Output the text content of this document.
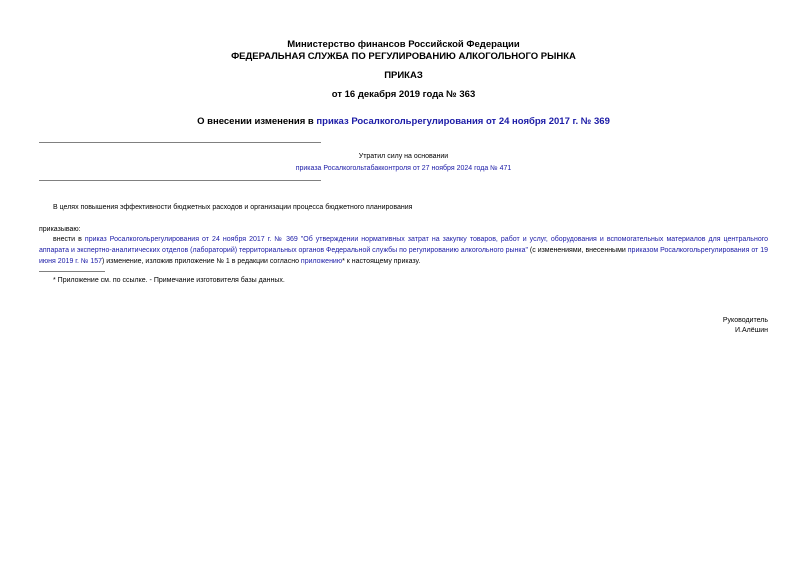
Министерство финансов Российской Федерации
ФЕДЕРАЛЬНАЯ СЛУЖБА ПО РЕГУЛИРОВАНИЮ АЛКОГОЛЬНОГО РЫНКА
ПРИКАЗ
от 16 декабря 2019 года № 363
О внесении изменения в приказ Росалкогольрегулирования от 24 ноября 2017 г. № 369
Утратил силу на основании
приказа Росалкогольтабакконтроля от 27 ноября 2024 года № 471
В целях повышения эффективности бюджетных расходов и организации процесса бюджетного планирования
приказываю:
внести в приказ Росалкогольрегулирования от 24 ноября 2017 г. № 369 "Об утверждении нормативных затрат на закупку товаров, работ и услуг, оборудования и вспомогательных материалов для центрального аппарата и экспертно-аналитических отделов (лабораторий) территориальных органов Федеральной службы по регулированию алкогольного рынка" (с изменениями, внесенными приказом Росалкогольрегулирования от 19 июня 2019 г. № 157) изменение, изложив приложение № 1 в редакции согласно приложению* к настоящему приказу.
* Приложение см. по ссылке. - Примечание изготовителя базы данных.
Руководитель
И.Алёшин
